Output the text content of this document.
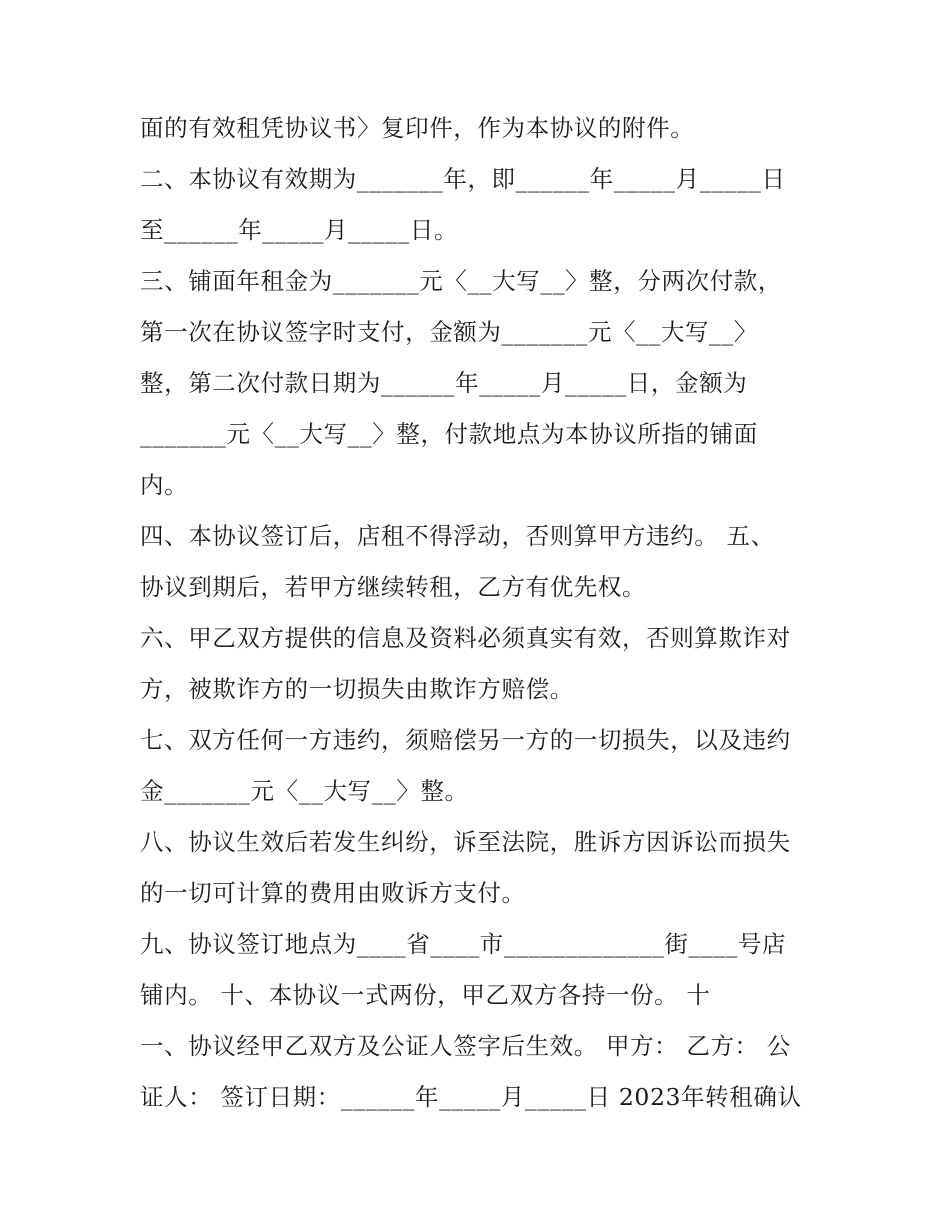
面的有效租凭协议书〉复印件，作为本协议的附件。
二、本协议有效期为_______年，即______年_____月_____日
至______年_____月_____日。
三、铺面年租金为_______元〈__大写__〉整，分两次付款，
第一次在协议签字时支付，金额为_______元〈__大写__〉
整，第二次付款日期为______年_____月_____日，金额为
_______元〈__大写__〉整，付款地点为本协议所指的铺面
内。
四、本协议签订后，店租不得浮动，否则算甲方违约。 五、
协议到期后，若甲方继续转租，乙方有优先权。
六、甲乙双方提供的信息及资料必须真实有效，否则算欺诈对
方，被欺诈方的一切损失由欺诈方赔偿。
七、双方任何一方违约，须赔偿另一方的一切损失，以及违约
金_______元〈__大写__〉整。
八、协议生效后若发生纠纷，诉至法院，胜诉方因诉讼而损失
的一切可计算的费用由败诉方支付。
九、协议签订地点为____省____市_____________街____号店
铺内。 十、本协议一式两份，甲乙双方各持一份。 十
一、协议经甲乙双方及公证人签字后生效。 甲方： 乙方： 公
证人： 签订日期：______年_____月_____日 2023年转租确认
